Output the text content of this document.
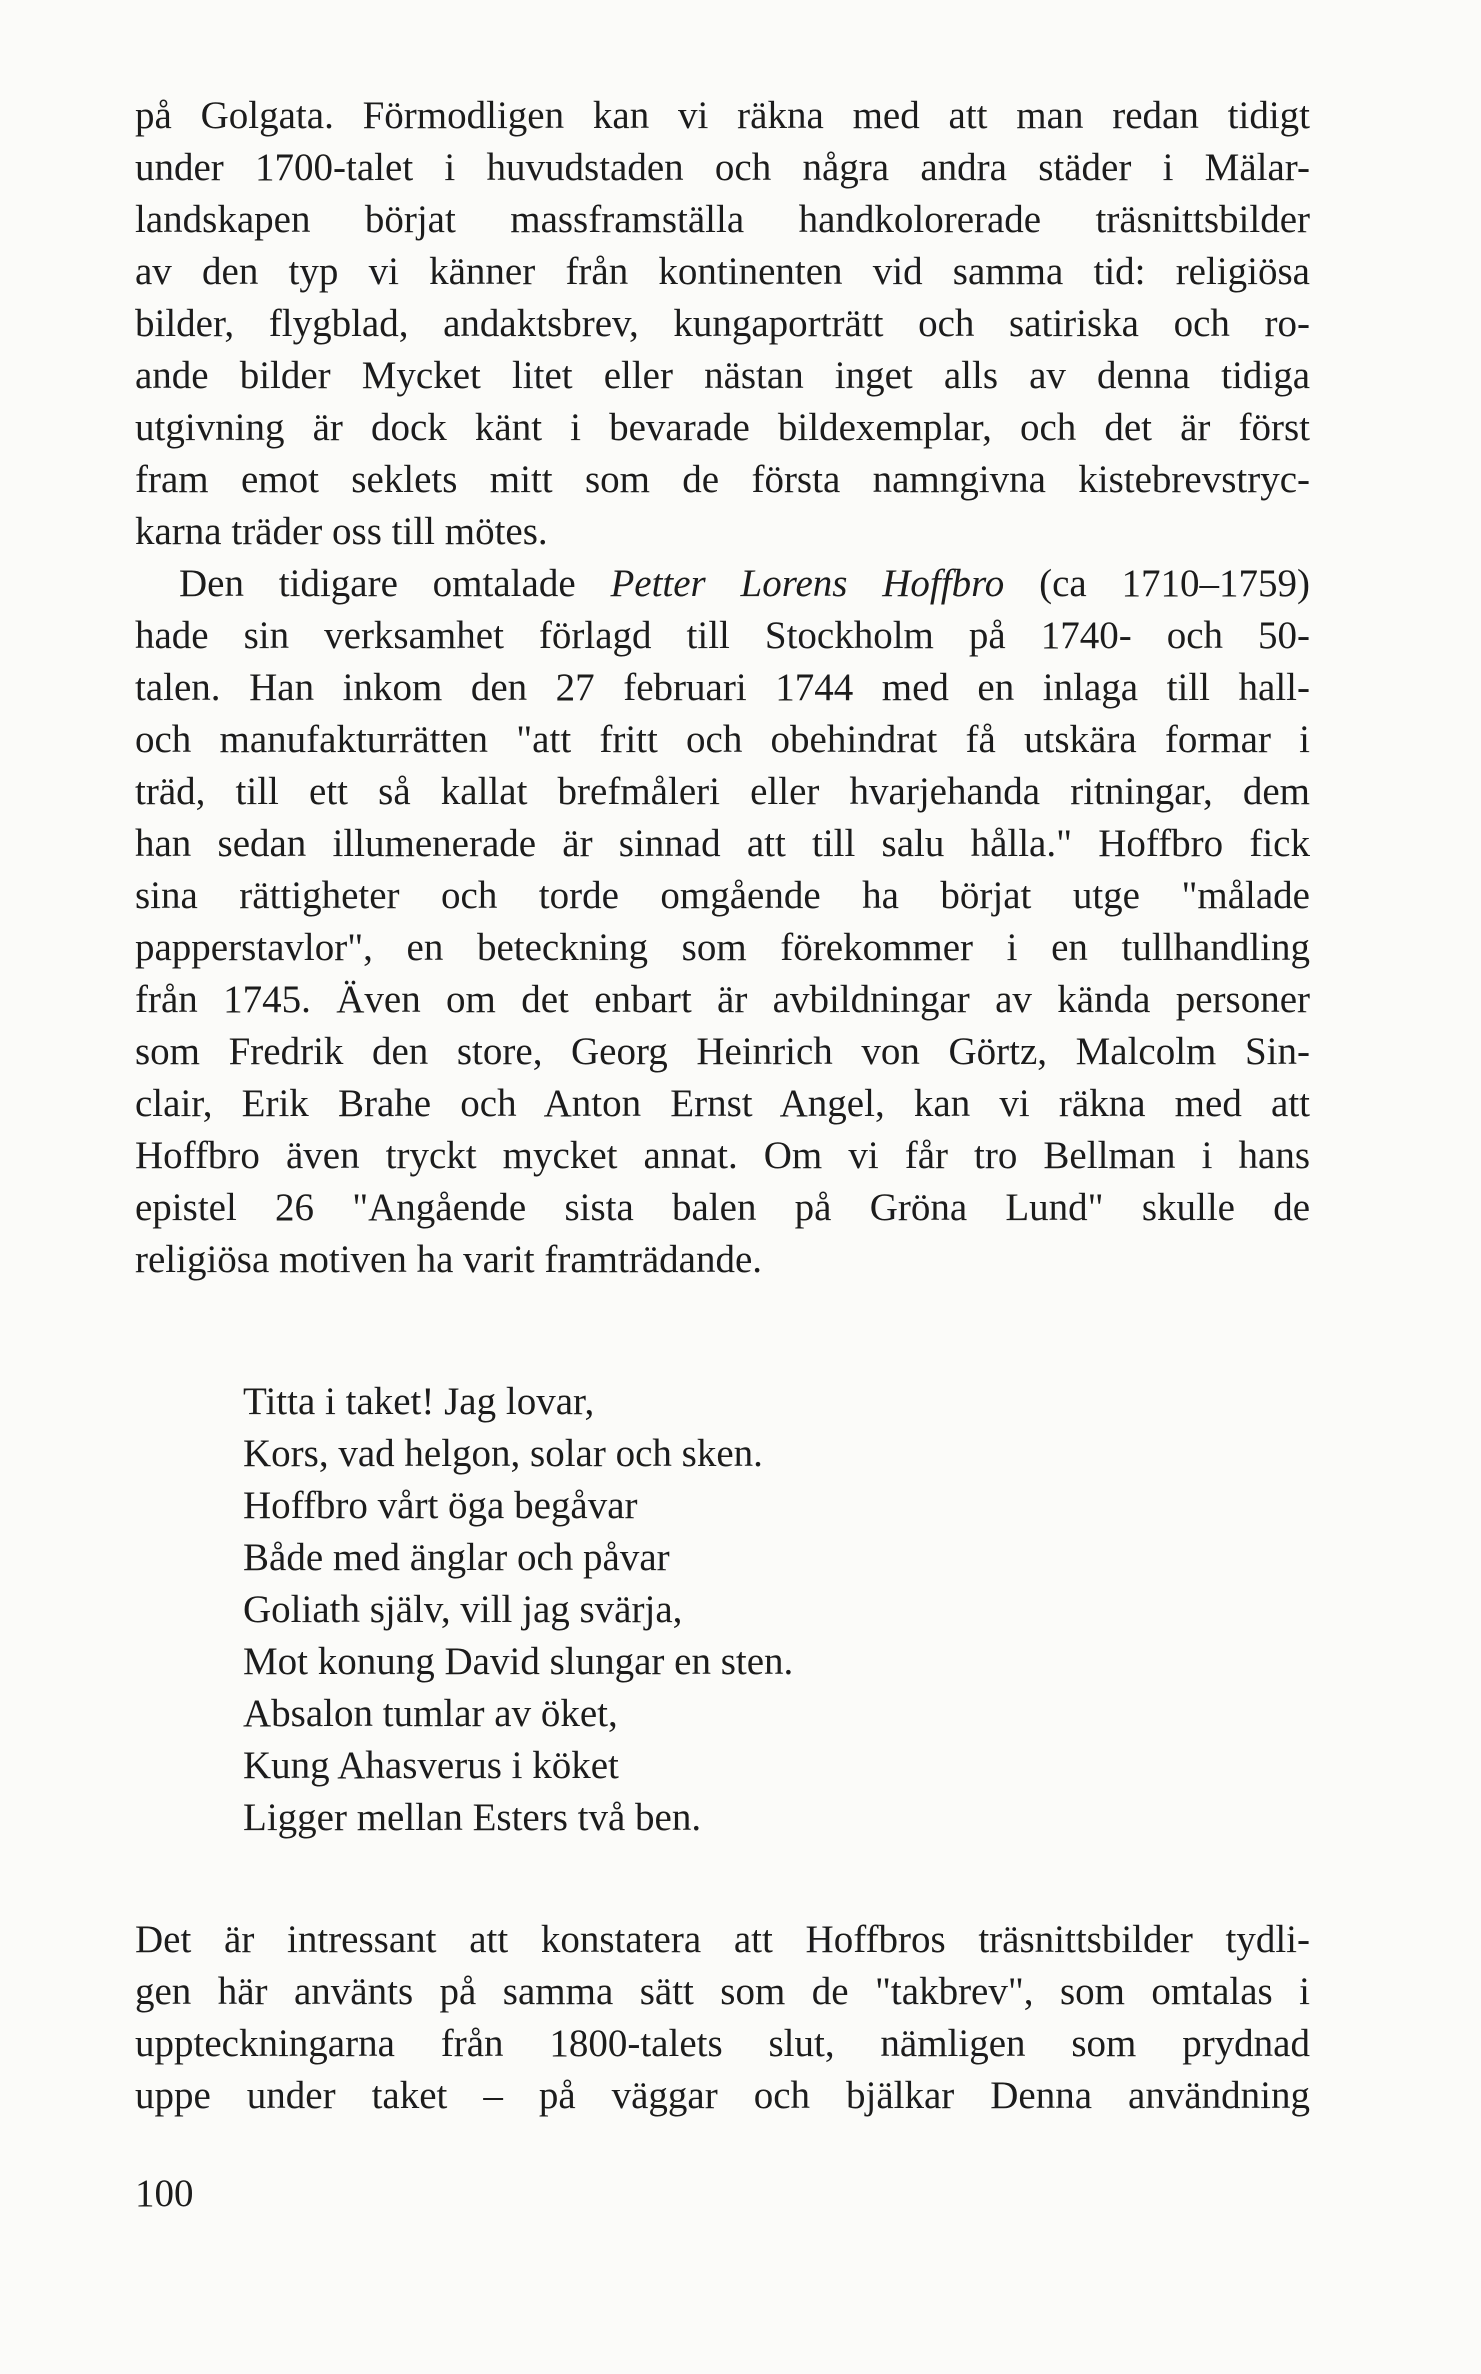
på Golgata. Förmodligen kan vi räkna med att man redan tidigt
under 1700-talet i huvudstaden och några andra städer i Mälar-
landskapen börjat massframställa handkolorerade träsnittsbilder
av den typ vi känner från kontinenten vid samma tid: religiösa
bilder, flygblad, andaktsbrev, kungaporträtt och satiriska och ro-
ande bilder Mycket litet eller nästan inget alls av denna tidiga
utgivning är dock känt i bevarade bildexemplar, och det är först
fram emot seklets mitt som de första namngivna kistebrevstryc-
karna träder oss till mötes.
Den tidigare omtalade Petter Lorens Hoffbro (ca 1710–1759)
hade sin verksamhet förlagd till Stockholm på 1740- och 50-
talen. Han inkom den 27 februari 1744 med en inlaga till hall-
och manufakturrätten "att fritt och obehindrat få utskära formar i
träd, till ett så kallat brefmåleri eller hvarjehanda ritningar, dem
han sedan illumenerade är sinnad att till salu hålla." Hoffbro fick
sina rättigheter och torde omgående ha börjat utge "målade
papperstavlor", en beteckning som förekommer i en tullhandling
från 1745. Även om det enbart är avbildningar av kända personer
som Fredrik den store, Georg Heinrich von Görtz, Malcolm Sin-
clair, Erik Brahe och Anton Ernst Angel, kan vi räkna med att
Hoffbro även tryckt mycket annat. Om vi får tro Bellman i hans
epistel 26 "Angående sista balen på Gröna Lund" skulle de
religiösa motiven ha varit framträdande.
Titta i taket! Jag lovar,
Kors, vad helgon, solar och sken.
Hoffbro vårt öga begåvar
Både med änglar och påvar
Goliath själv, vill jag svärja,
Mot konung David slungar en sten.
Absalon tumlar av öket,
Kung Ahasverus i köket
Ligger mellan Esters två ben.
Det är intressant att konstatera att Hoffbros träsnittsbilder tydli-
gen här använts på samma sätt som de "takbrev", som omtalas i
uppteckningarna från 1800-talets slut, nämligen som prydnad
uppe under taket – på väggar och bjälkar Denna användning
100
